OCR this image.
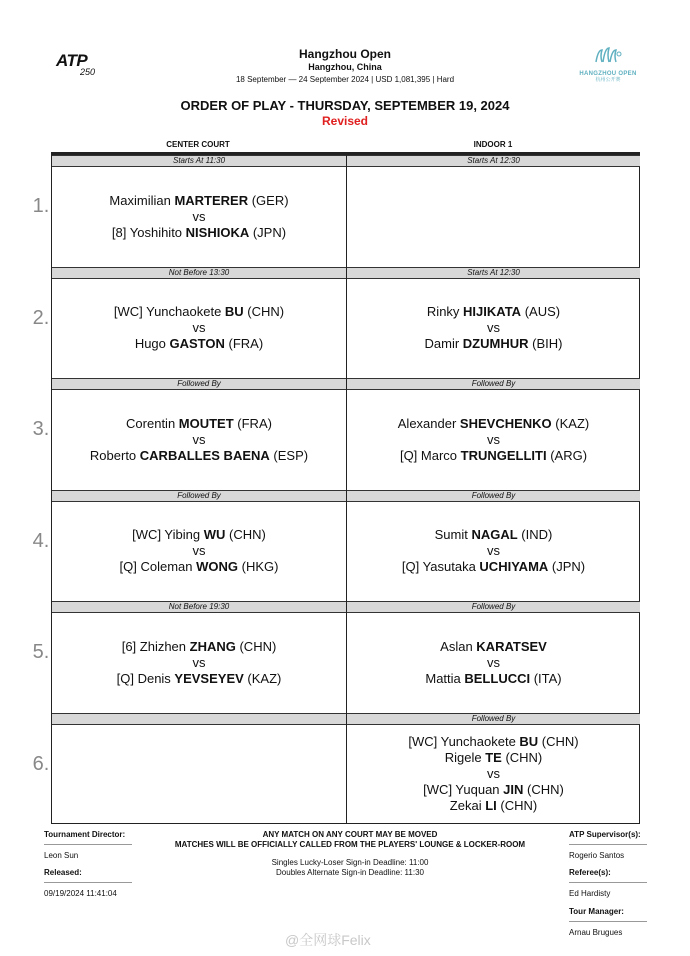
ATP
250	HANGZHOU OPEN
杭州公开赛
Hangzhou Open
Hangzhou, China
18 September — 24 September 2024 | USD 1,081,395 | Hard
ORDER OF PLAY - THURSDAY, SEPTEMBER 19, 2024
Revised
CENTER COURT	INDOOR 1
1.
Starts At 11:30
Maximilian MARTERER (GER)
vs
[8] Yoshihito NISHIOKA (JPN)
Starts At 12:30
2.
Not Before 13:30
[WC] Yunchaokete BU (CHN)
vs
Hugo GASTON (FRA)
Starts At 12:30
Rinky HIJIKATA (AUS)
vs
Damir DZUMHUR (BIH)
3.
Followed By
Corentin MOUTET (FRA)
vs
Roberto CARBALLES BAENA (ESP)
Followed By
Alexander SHEVCHENKO (KAZ)
vs
[Q] Marco TRUNGELLITI (ARG)
4.
Followed By
[WC] Yibing WU (CHN)
vs
[Q] Coleman WONG (HKG)
Followed By
Sumit NAGAL (IND)
vs
[Q] Yasutaka UCHIYAMA (JPN)
5.
Not Before 19:30
[6] Zhizhen ZHANG (CHN)
vs
[Q] Denis YEVSEYEV (KAZ)
Followed By
Aslan KARATSEV
vs
Mattia BELLUCCI (ITA)
6.
Followed By
[WC] Yunchaokete BU (CHN)
Rigele TE (CHN)
vs
[WC] Yuquan JIN (CHN)
Zekai LI (CHN)
Tournament Director:
Leon Sun
Released:
09/19/2024 11:41:04
ANY MATCH ON ANY COURT MAY BE MOVED
MATCHES WILL BE OFFICIALLY CALLED FROM THE PLAYERS' LOUNGE & LOCKER-ROOM
Singles Lucky-Loser Sign-in Deadline: 11:00
Doubles Alternate Sign-in Deadline: 11:30
ATP Supervisor(s):
Rogerio Santos
Referee(s):
Ed Hardisty
Tour Manager:
Arnau Brugues
@全网球Felix
